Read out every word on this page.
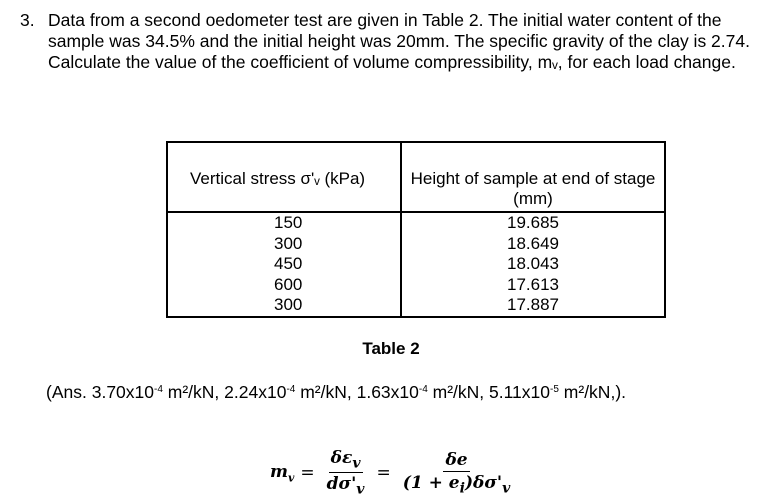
3. Data from a second oedometer test are given in Table 2. The initial water content of the sample was 34.5% and the initial height was 20mm. The specific gravity of the clay is 2.74. Calculate the value of the coefficient of volume compressibility, mᵥ, for each load change.
Vertical stress σ'ᵥ (kPa)	Height of sample at end of stage (mm)

150	19.685
300	18.649
450	18.043
600	17.613
300	17.887
Table 2
(Ans. $3.70x10^{-4}$ m²/kN, $2.24x10^{-4}$ m²/kN, $1.63x10^{-4}$ m²/kN, $5.11x10^{-5}$ m²/kN,).
$m_v = \frac{\delta\varepsilon_v}{d\sigma'_v} = \frac{\delta e}{(1 + e_i)\delta\sigma'_v}$
